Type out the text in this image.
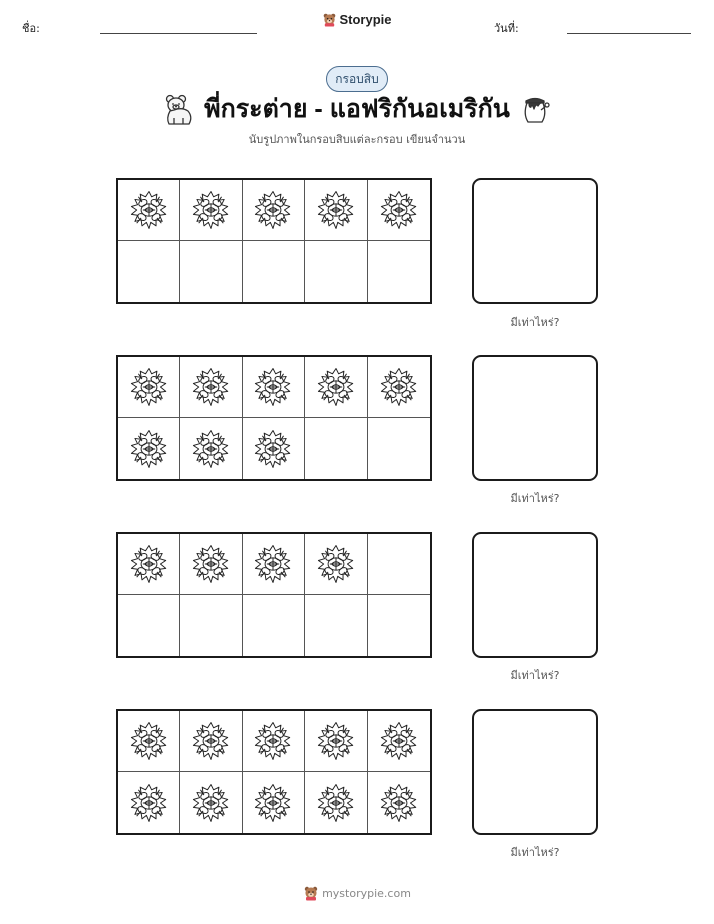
ชื่อ:
Storypie
วันที่:
กรอบสิบ
พี่กระต่าย - แอฟริกันอเมริกัน
นับรูปภาพในกรอบสิบแต่ละกรอบ เขียนจำนวน
มีเท่าไหร่?
มีเท่าไหร่?
มีเท่าไหร่?
มีเท่าไหร่?
mystorypie.com
